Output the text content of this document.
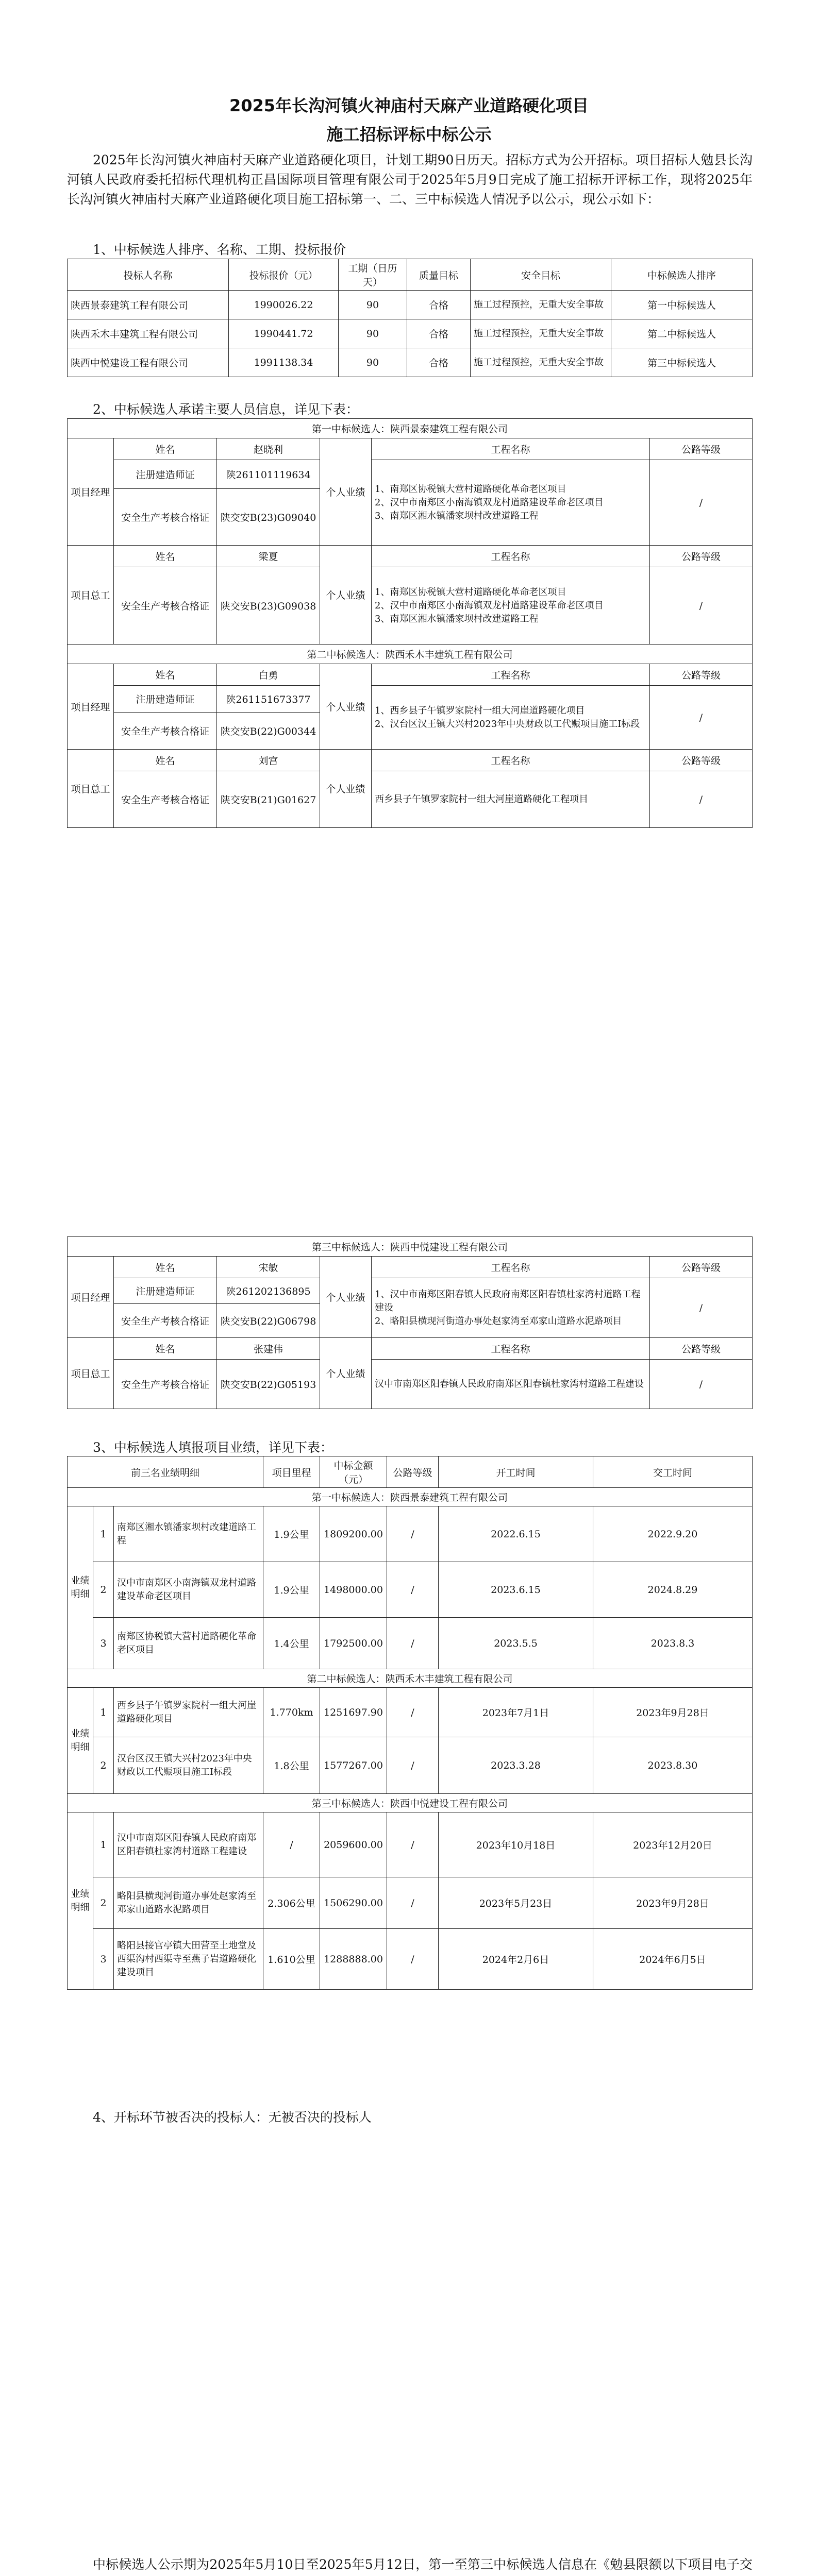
2025年长沟河镇火神庙村天麻产业道路硬化项目
施工招标评标中标公示
2025年长沟河镇火神庙村天麻产业道路硬化项目，计划工期90日历天。招标方式为公开招标。项目招标人勉县长沟河镇人民政府委托招标代理机构正昌国际项目管理有限公司于2025年5月9日完成了施工招标开评标工作，现将2025年长沟河镇火神庙村天麻产业道路硬化项目施工招标第一、二、三中标候选人情况予以公示，现公示如下：
1、中标候选人排序、名称、工期、投标报价
投标人名称	投标报价（元）	工期（日历天）	质量目标	安全目标	中标候选人排序
陕西景泰建筑工程有限公司	1990026.22	90	合格	施工过程预控，无重大安全事故	第一中标候选人
陕西禾木丰建筑工程有限公司	1990441.72	90	合格	施工过程预控，无重大安全事故	第二中标候选人
陕西中悦建设工程有限公司	1991138.34	90	合格	施工过程预控，无重大安全事故	第三中标候选人
2、中标候选人承诺主要人员信息，详见下表：
第一中标候选人：陕西景泰建筑工程有限公司					
项目经理	姓名	赵晓利	个人业绩	工程名称	公路等级
	注册建造师证	陕261101119634		1、南郑区协税镇大营村道路硬化革命老区项目
2、汉中市南郑区小南海镇双龙村道路建设革命老区项目
3、南郑区湘水镇潘家坝村改建道路工程	/
	安全生产考核合格证	陕交安B(23)G09040			
项目总工	姓名	梁夏	个人业绩	工程名称	公路等级
	安全生产考核合格证	陕交安B(23)G09038		1、南郑区协税镇大营村道路硬化革命老区项目
2、汉中市南郑区小南海镇双龙村道路建设革命老区项目
3、南郑区湘水镇潘家坝村改建道路工程	/
第二中标候选人：陕西禾木丰建筑工程有限公司					
项目经理	姓名	白勇	个人业绩	工程名称	公路等级
	注册建造师证	陕261151673377		1、西乡县子午镇罗家院村一组大河崖道路硬化项目
2、汉台区汉王镇大兴村2023年中央财政以工代赈项目施工Ⅰ标段	/
	安全生产考核合格证	陕交安B(22)G00344			
项目总工	姓名	刘宫	个人业绩	工程名称	公路等级
	安全生产考核合格证	陕交安B(21)G01627		西乡县子午镇罗家院村一组大河崖道路硬化工程项目	/
第三中标候选人：陕西中悦建设工程有限公司					
项目经理	姓名	宋敏	个人业绩	工程名称	公路等级
	注册建造师证	陕261202136895		1、汉中市南郑区阳春镇人民政府南郑区阳春镇杜家湾村道路工程建设
2、略阳县横现河街道办事处赵家湾至邓家山道路水泥路项目	/
	安全生产考核合格证	陕交安B(22)G06798			
项目总工	姓名	张建伟	个人业绩	工程名称	公路等级
	安全生产考核合格证	陕交安B(22)G05193		汉中市南郑区阳春镇人民政府南郑区阳春镇杜家湾村道路工程建设	/
3、中标候选人填报项目业绩，详见下表：
前三名业绩明细			项目里程	中标金额（元）	公路等级	开工时间	交工时间
第一中标候选人：陕西景泰建筑工程有限公司							
业绩明细	1	南郑区湘水镇潘家坝村改建道路工程	1.9公里	1809200.00	/	2022.6.15	2022.9.20
	2	汉中市南郑区小南海镇双龙村道路建设革命老区项目	1.9公里	1498000.00	/	2023.6.15	2024.8.29
	3	南郑区协税镇大营村道路硬化革命老区项目	1.4公里	1792500.00	/	2023.5.5	2023.8.3
第二中标候选人：陕西禾木丰建筑工程有限公司							
业绩明细	1	西乡县子午镇罗家院村一组大河崖道路硬化项目	1.770km	1251697.90	/	2023年7月1日	2023年9月28日
	2	汉台区汉王镇大兴村2023年中央财政以工代赈项目施工Ⅰ标段	1.8公里	1577267.00	/	2023.3.28	2023.8.30
第三中标候选人：陕西中悦建设工程有限公司							
业绩明细	1	汉中市南郑区阳春镇人民政府南郑区阳春镇杜家湾村道路工程建设	/	2059600.00	/	2023年10月18日	2023年12月20日
	2	略阳县横现河街道办事处赵家湾至邓家山道路水泥路项目	2.306公里	1506290.00	/	2023年5月23日	2023年9月28日
	3	略阳县接官亭镇大田营至土地堂及西渠沟村西渠寺至燕子岩道路硬化建设项目	1.610公里	1288888.00	/	2024年2月6日	2024年6月5日
4、开标环节被否决的投标人：无被否决的投标人
中标候选人公示期为2025年5月10日至2025年5月12日，第一至第三中标候选人信息在《勉县限额以下项目电子交
